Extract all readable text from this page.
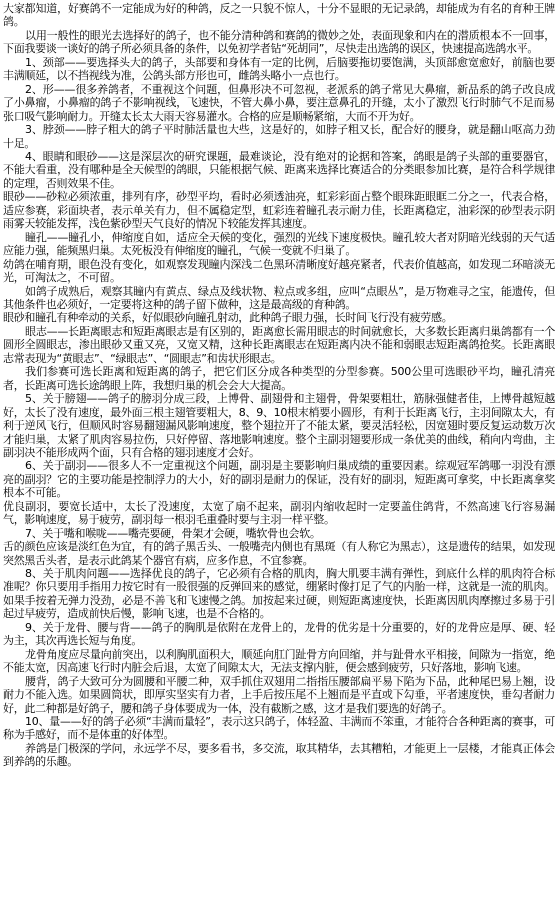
大家都知道，好赛鸽不一定能成为好的种鸽，反之一只貌不惊人，十分不显眼的无记录鸽，却能成为有名的育种王牌鸽。

以用一般性的眼光去选择好的鸽子，也不能分清种鸽和赛鸽的微妙之处，表面现象和内在的潜质根本不一回事，下面我要谈一谈好的鸽子所必须具备的条件，以免初学者钻“死胡同”，尽快走出选鸽的误区，快速提高选鸽水平。

1、颈部——要选择头大的鸽子，头部要和身体有一定的比例，后脑要拖切要饱满，头顶部愈宽愈好，前脑也要丰满顺延，以不挡视线为准，公鸽头部方形也可，雌鸽头略小一点也行。

2、形——很多养鸽者，不重视这个问题，但鼻形决不可忽视，老派系的鸽子常见大鼻瘤，新品系的鸽子改良成了小鼻瘤，小鼻瘤的鸽子不影响视线，飞速快，不管大鼻小鼻，要注意鼻孔的开缝，太小了激烈飞行时肺气不足而易张口吸气影响耐力。开缝太长太大雨天容易灌水。合格的应是顺畅紧缩，大而不开为好。

3、脖颈——脖子粗大的鸽子平时肺活量也大些，这是好的，如脖子粗又长，配合好的腰身，就是翻山呕高力劲十足。

4、眼睛和眼砂——这是深层次的研究课题，最难谈论，没有绝对的论据和答案，鸽眼是鸽子头部的重要器官，不能大看重，没有哪种是全天候型的鸽眼，只能根据气候、距离来选择比赛适合的分类眼参加比赛，是符合科学规律的定理，否则效果不佳。

眼砂——砂粒必须浓重，排列有序，砂型平均，看时必须透油亮，虹彩彩面占整个眼珠距眼眶二分之一，代表合格，适应参赛，彩面块者，表示单关有力，但不属稳定型，虹彩连着瞳孔表示耐力佳，长距离稳定，油彩深的砂型表示阴雨雾天较能发挥，浅色紫砂型天气良好的情况下较能发挥其速度。

瞳孔——瞳孔小，伸缩度自如，适应全天候的变化，强烈的光线下速度极快。瞳孔较大者对阴暗光线弱的天气适应能力强，能频黑归巢。太死板没有伸缩度的瞳孔，气候一变就不归巢了。

幼鸽在哺育期，眼色没有变化，如观察发现瞳内深浅二色黑环清晰度好越亮紧者，代表价值越高，如发现二环暗淡无光，可淘汰之，不可留。

如鸽子成熟后，观察其瞳内有黄点、绿点及线状物、粒点或多组，应叫“点眼丛”，是万物难寻之宝，能遗传，但其他条件也必须好，一定要将这种的鸽子留下做种，这是最高级的育种鸽。

眼砂和瞳孔有种牵动的关系，好似眼砂向瞳孔射动，此种鸽子眼力强，长时间飞行没有疲劳感。

眼志——长距离眼志和短距离眼志是有区别的，距离愈长需用眼志的时间就愈长，大多数长距离归巢鸽都有一个圆形全圆眼志，渗出眼砂又重又亮，又宽又精，这种长距离眼志在短距离内决不能和弱眼志短距离鸽抢奖。长距离眼志常表现为“黄眼志”、“绿眼志”、“圆眼志”和齿状形眼志。

我们参赛可选长距离和短距离的鸽子，把它们区分成各种类型的分型参赛。500公里可选眼砂平均，瞳孔清亮者，长距离可选长途鸽眼上阵，我想归巢的机会会大大提高。

5、关于膀翅——鸽子的膀羽分成三段，上博骨、副翅骨和主翅骨，骨架要粗壮，筋脉强健者佳，上博骨越短越好，太长了没有速度，最外面三根主翅管要粗大，8、9、10根末梢要小圆形，有利于长距离飞行，主羽间隙太大，有利于逆风飞行，但顺风时容易翻翅漏风影响速度，整个翅拉开了不能太紧，要灵活轻松，因宽翅时要反复运动数万次才能归巢，太紧了肌肉容易拉伤，只好停留、落地影响速度。整个主副羽翅要形成一条优美的曲线，稍向内弯曲，主副羽决不能形成两个面，只有合格的翅羽速度才会好。

6、关于副羽——很多人不一定重视这个问题，副羽是主要影响归巢成绩的重要因素。综观冠军鸽哪一羽没有漂亮的副羽？它的主要功能是控制浮力的大小，好的副羽是耐力的保证，没有好的副羽，短距离可拿奖，中长距离拿奖根本不可能。

优良副羽，要宽长适中，太长了没速度，太宽了扇不起来，副羽内缩收起时一定要盖住鸽背，不然高速飞行容易漏气，影响速度，易于疲劳，副羽每一根羽毛重叠时要与主羽一样平整。

7、关于嘴和喉咙——嘴壳要硬，骨架才会硬，嘴软骨也会软。

舌的颜色应该是淡红色为宜，有的鸽子黑舌头、一般嘴壳内侧也有黑斑（有人称它为黑志），这是遗传的结果，如发现突然黑舌头者，是表示此鸽某个器官有病，应多作息，不宜参赛。

8、关于肌肉问题——选择优良的鸽子，它必须有合格的肌肉，胸大肌要丰满有弹性，到底什么样的肌肉符合标准呢？你只要用手指用力按它时有一股很强的反弹回来的感觉，绷紧时像打足了气的内胎一样，这就是一流的肌肉。如果手按着无弹力没劲，必是不善飞和飞速慢之鸽。加按起来过硬，则短距离速度快，长距离因肌肉摩擦过多易于引起过早疲劳，造成前快后慢，影响飞速，也是不合格的。

9、关于龙骨、腰与背——鸽子的胸肌是依附在龙骨上的，龙骨的优劣是十分重要的，好的龙骨应是厚、硬、轻为主，其次再选长短与角度。

龙骨角度应尽量向前突出，以利胸肌面积大，顺延向肛门趾骨方向回缩，并与趾骨水平相接，间隙为一指宽，绝不能太宽，因高速飞行时内脏会后退，太宽了间隙太大，无法支撑内脏，便会感到疲劳，只好落地，影响飞速。

腰背，鸽子大致可分为圆腰和平腰二种，双手抓住双翅用二指指压腰部扁平易下陷为下品，此种尾巴易上翘，设耐力不能入选。如果圆筒状，即厚实坚实有力者，上手后按压尾不上翘而是平直或下勾垂，平者速度快，垂勾者耐力好，此二种都是好鸽子，腰和鸽子身体要成为一体，没有截断之感，这才是我们要选的好鸽子。

10、量——好的鸽子必须“丰满而量轻”，表示这只鸽子，体轻盈、丰满而不笨重，才能符合各种距离的赛事，可称为手感好，而不是体重的好体型。

养鸽是门极深的学问，永远学不尽，要多看书，多交流，取其精华，去其糟粕，才能更上一层楼，才能真正体会到养鸽的乐趣。
